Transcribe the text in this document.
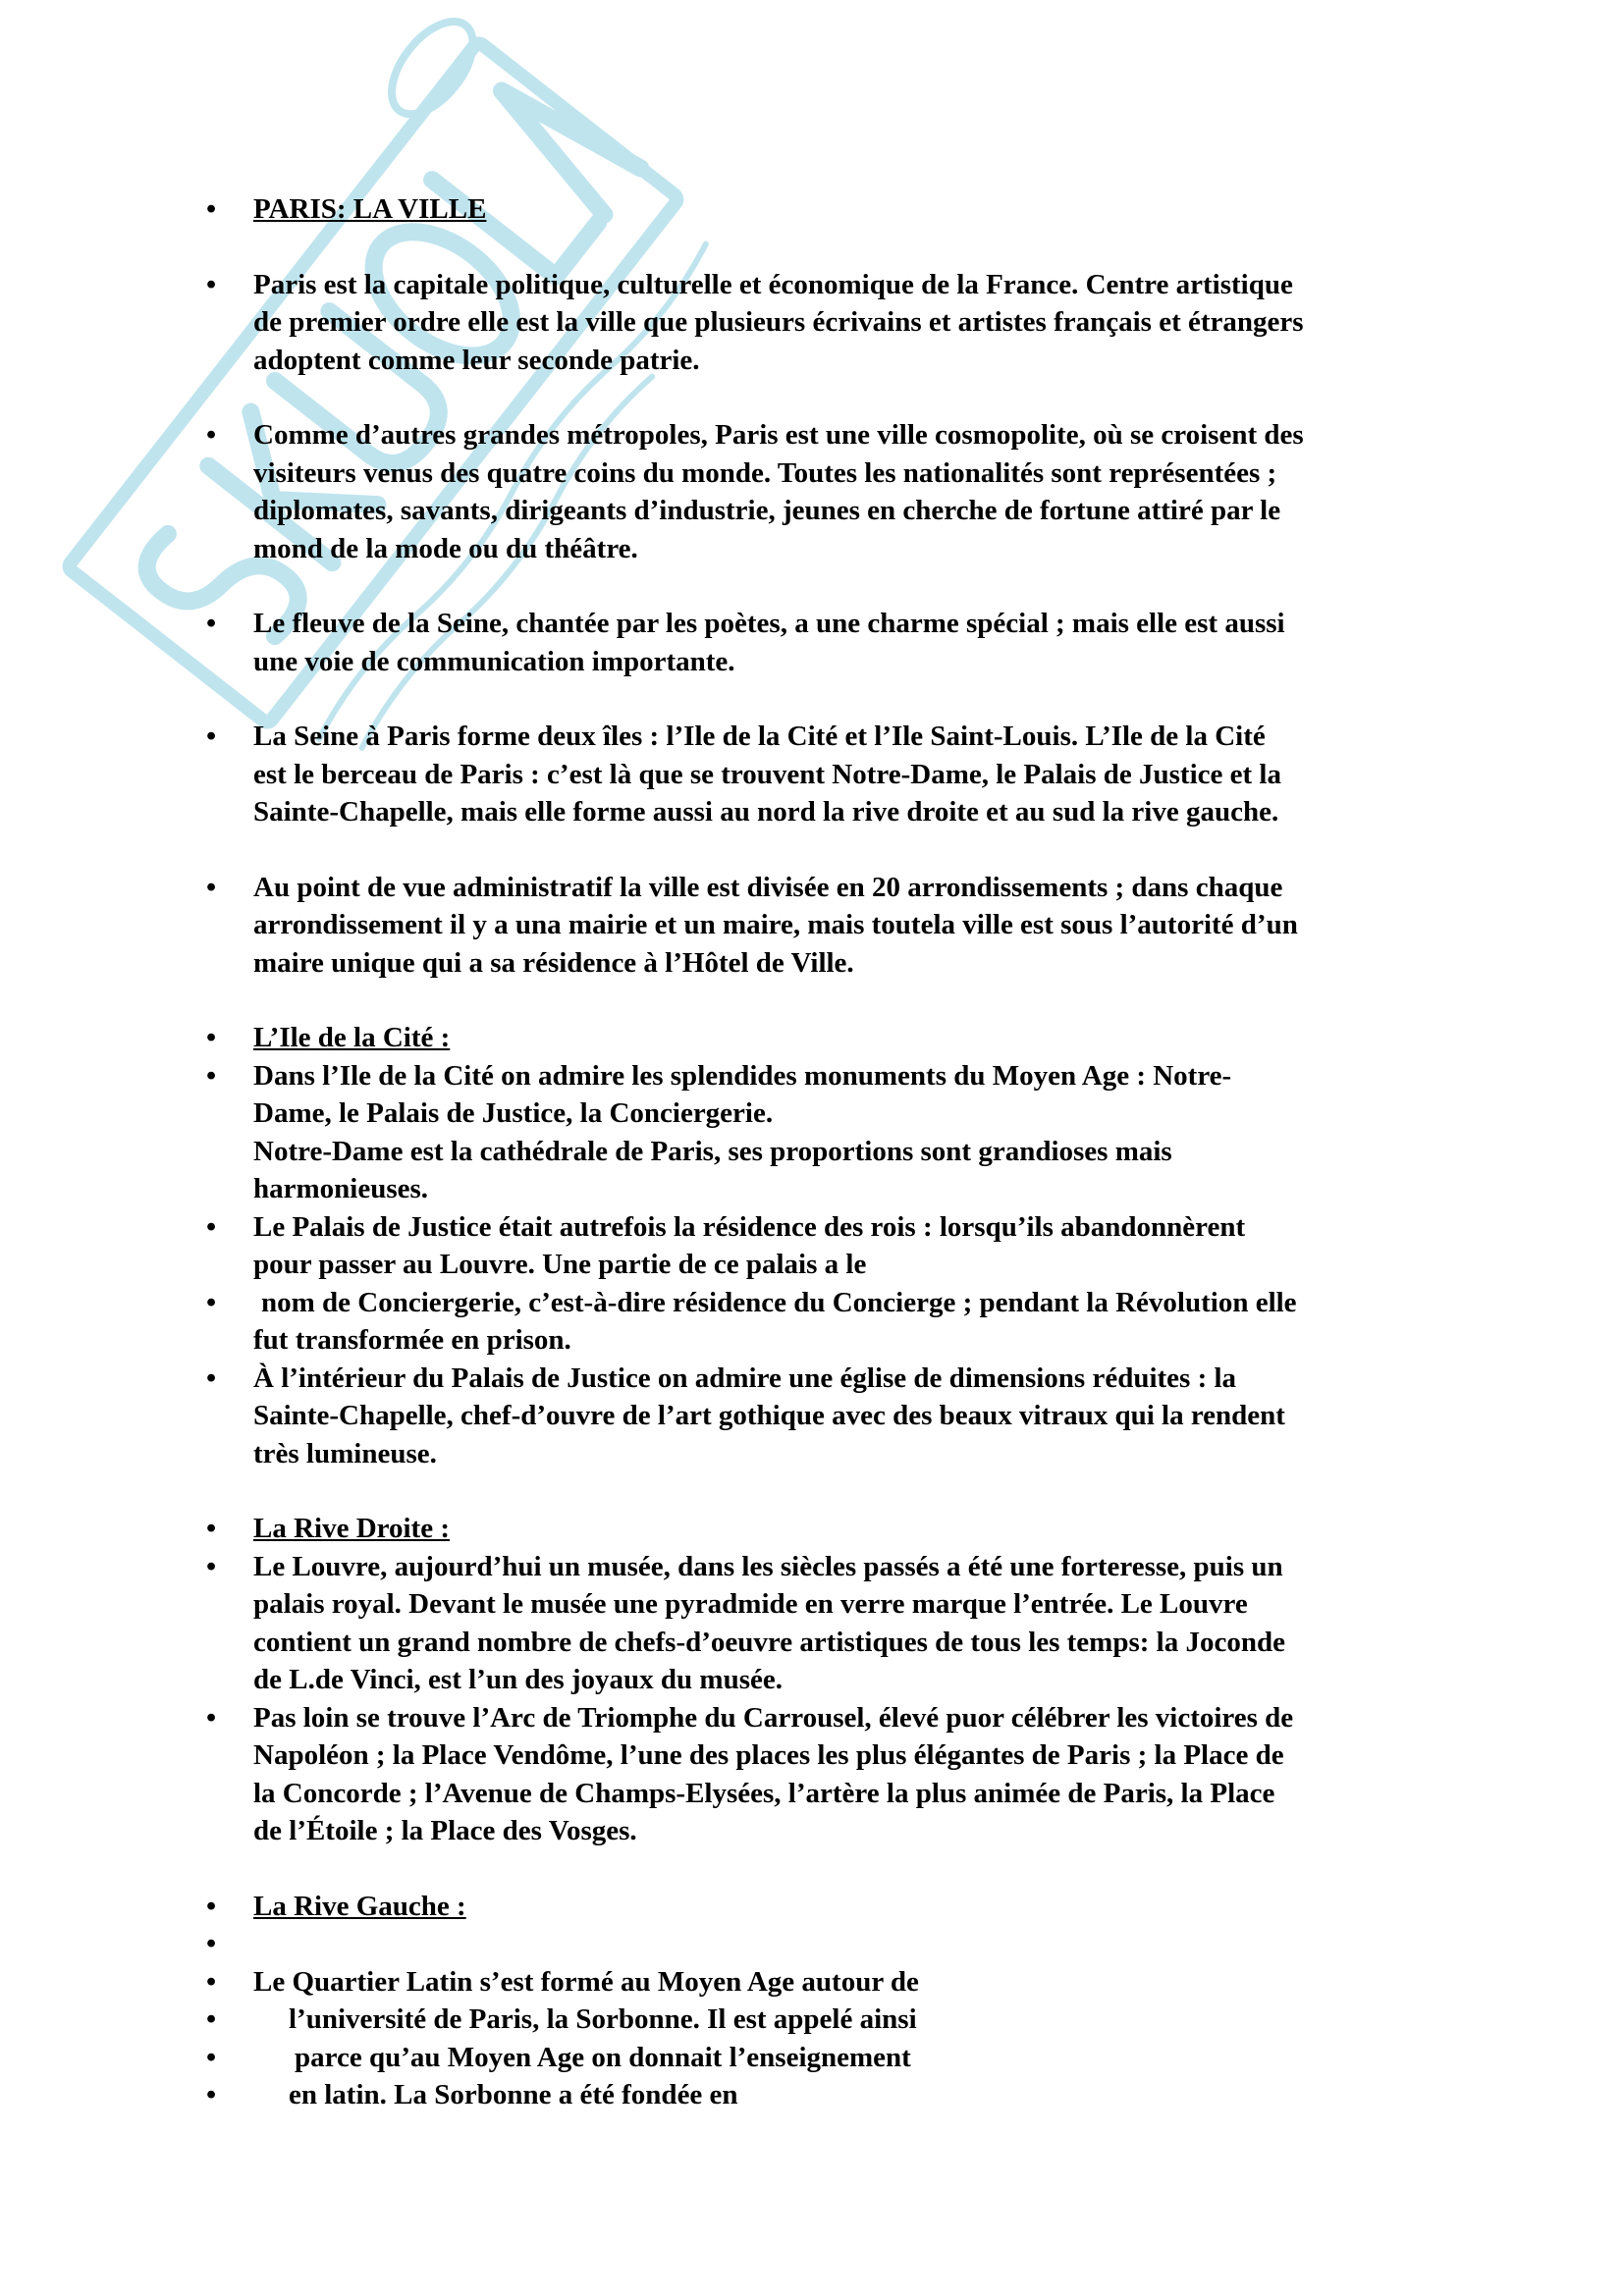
• PARIS: LA VILLE
• Paris est la capitale politique, culturelle et économique de la France. Centre artistique
de premier ordre elle est la ville que plusieurs écrivains et artistes français et étrangers
adoptent comme leur seconde patrie.
• Comme d’autres grandes métropoles, Paris est une ville cosmopolite, où se croisent des
visiteurs venus des quatre coins du monde. Toutes les nationalités sont représentées ;
diplomates, savants, dirigeants d’industrie, jeunes en cherche de fortune attiré par le
mond de la mode ou du théâtre.
• Le fleuve de la Seine, chantée par les poètes, a une charme spécial ; mais elle est aussi
une voie de communication importante.
• La Seine à Paris forme deux îles : l’Ile de la Cité et l’Ile Saint-Louis. L’Ile de la Cité
est le berceau de Paris : c’est là que se trouvent Notre-Dame, le Palais de Justice et la
Sainte-Chapelle, mais elle forme aussi au nord la rive droite et au sud la rive gauche.
• Au point de vue administratif la ville est divisée en 20 arrondissements ; dans chaque
arrondissement il y a una mairie et un maire, mais toutela ville est sous l’autorité d’un
maire unique qui a sa résidence à l’Hôtel de Ville.
• L’Ile de la Cité :
• Dans l’Ile de la Cité on admire les splendides monuments du Moyen Age : Notre-
Dame, le Palais de Justice, la Conciergerie.
Notre-Dame est la cathédrale de Paris, ses proportions sont grandioses mais
harmonieuses.
• Le Palais de Justice était autrefois la résidence des rois : lorsqu’ils abandonnèrent
pour passer au Louvre. Une partie de ce palais a le
• nom de Conciergerie, c’est-à-dire résidence du Concierge ; pendant la Révolution elle
fut transformée en prison.
• À l’intérieur du Palais de Justice on admire une église de dimensions réduites : la
Sainte-Chapelle, chef-d’ouvre de l’art gothique avec des beaux vitraux qui la rendent
très lumineuse.
• La Rive Droite :
• Le Louvre, aujourd’hui un musée, dans les siècles passés a été une forteresse, puis un
palais royal. Devant le musée une pyradmide en verre marque l’entrée. Le Louvre
contient un grand nombre de chefs-d’oeuvre artistiques de tous les temps: la Joconde
de L.de Vinci, est l’un des joyaux du musée.
• Pas loin se trouve l’Arc de Triomphe du Carrousel, élevé puor célébrer les victoires de
Napoléon ; la Place Vendôme, l’une des places les plus élégantes de Paris ; la Place de
la Concorde ; l’Avenue de Champs-Elysées, l’artère la plus animée de Paris, la Place
de l’Étoile ; la Place des Vosges.
• La Rive Gauche :
•

• Le Quartier Latin s’est formé au Moyen Age autour de
• l’université de Paris, la Sorbonne. Il est appelé ainsi
• parce qu’au Moyen Age on donnait l’enseignement
• en latin. La Sorbonne a été fondée en
